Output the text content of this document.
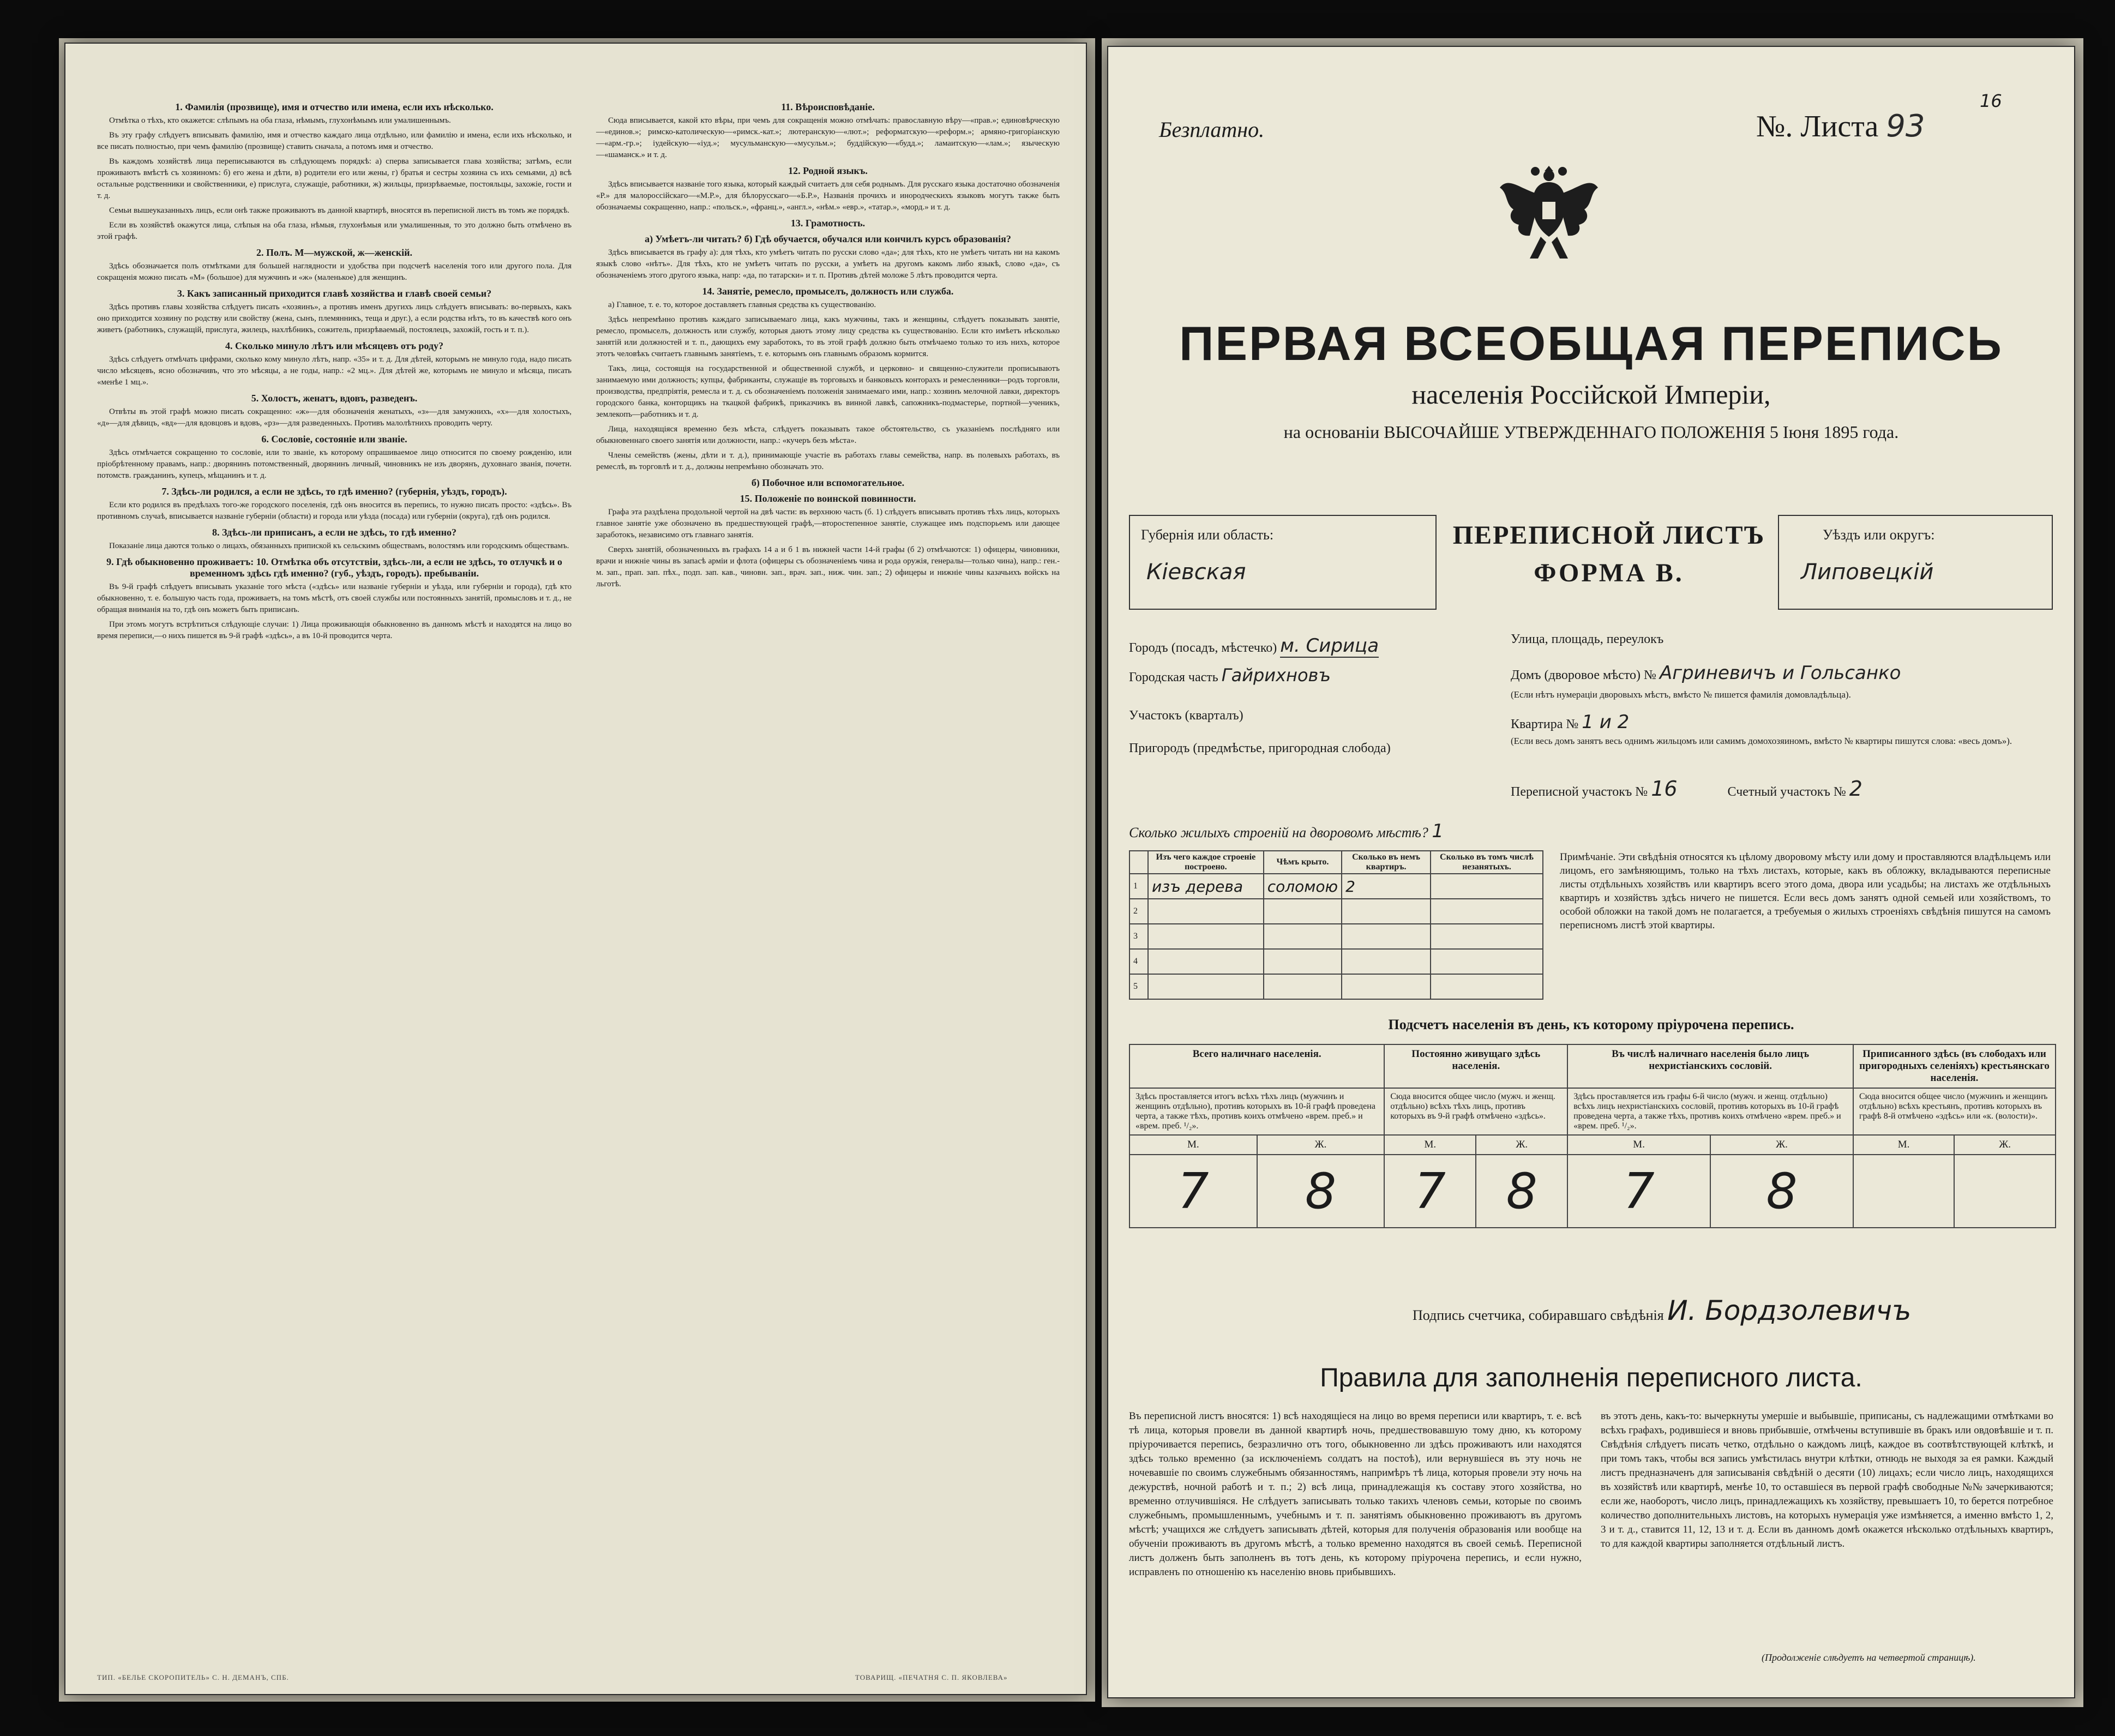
1. Фамилія (прозвище), имя и отчество или имена, если ихъ нѣсколько.

Отмѣтка о тѣхъ, кто окажется: слѣпымъ на оба глаза, нѣмымъ, глухонѣмымъ или умалишеннымъ.

Въ эту графу слѣдуетъ вписывать фамилію, имя и отчество каждаго лица отдѣльно, или фамилію и имена, если ихъ нѣсколько, и все писать полностью, при чемъ фамилію (прозвище) ставить сначала, а потомъ имя и отчество.

Въ каждомъ хозяйствѣ лица переписываются въ слѣдующемъ порядкѣ: а) сперва записывается глава хозяйства; затѣмъ, если проживаютъ вмѣстѣ съ хозяиномъ: б) его жена и дѣти, в) родители его или жены, г) братья и сестры хозяина съ ихъ семьями, д) всѣ остальные родственники и свойственники, е) прислуга, служащіе, работники, ж) жильцы, призрѣваемые, постояльцы, захожіе, гости и т. д.

Семьи вышеуказанныхъ лицъ, если онѣ также проживаютъ въ данной квартирѣ, вносятся въ переписной листъ въ томъ же порядкѣ.

Если въ хозяйствѣ окажутся лица, слѣпыя на оба глаза, нѣмыя, глухонѣмыя или умалишенныя, то это должно быть отмѣчено въ этой графѣ.

2. Полъ. М—мужской, ж—женскій.

Здѣсь обозначается полъ отмѣтками для большей наглядности и удобства при подсчетѣ населенія того или другого пола. Для сокращенія можно писать «М» (большое) для мужчинъ и «ж» (маленькое) для женщинъ.

3. Какъ записанный приходится главѣ хозяйства и главѣ своей семьи?

Здѣсь противъ главы хозяйства слѣдуетъ писать «хозяинъ», а противъ именъ другихъ лицъ слѣдуетъ вписывать: во-первыхъ, какъ оно приходится хозяину по родству или свойству (жена, сынъ, племянникъ, теща и друг.), а если родства нѣтъ, то въ качествѣ кого онъ живетъ (работникъ, служащій, прислуга, жилецъ, нахлѣбникъ, сожитель, призрѣваемый, постоялецъ, захожій, гость и т. п.).

4. Сколько минуло лѣтъ или мѣсяцевъ отъ роду?

Здѣсь слѣдуетъ отмѣчать цифрами, сколько кому минуло лѣтъ, напр. «35» и т. д. Для дѣтей, которымъ не минуло года, надо писать число мѣсяцевъ, ясно обозначивъ, что это мѣсяцы, а не годы, напр.: «2 мц.». Для дѣтей же, которымъ не минуло и мѣсяца, писать «менѣе 1 мц.».

5. Холостъ, женатъ, вдовъ, разведенъ.

Отвѣты въ этой графѣ можно писать сокращенно: «ж»—для обозначенія женатыхъ, «з»—для замужнихъ, «х»—для холостыхъ, «д»—для дѣвицъ, «вд»—для вдовцовъ и вдовъ, «рз»—для разведенныхъ. Противъ малолѣтнихъ проводить черту.

6. Сословіе, состояніе или званіе.

Здѣсь отмѣчается сокращенно то сословіе, или то званіе, къ которому опрашиваемое лицо относится по своему рожденію, или пріобрѣтенному правамъ, напр.: дворянинъ потомственный, дворянинъ личный, чиновникъ не изъ дворянъ, духовнаго званія, почетн. потомств. гражданинъ, купецъ, мѣщанинъ и т. д.

7. Здѣсь-ли родился, а если не здѣсь, то гдѣ именно? (губернія, уѣздъ, городъ).

Если кто родился въ предѣлахъ того-же городского поселенія, гдѣ онъ вносится въ перепись, то нужно писать просто: «здѣсь». Въ противномъ случаѣ, вписывается названіе губерніи (области) и города или уѣзда (посада) или губерніи (округа), гдѣ онъ родился.

8. Здѣсь-ли приписанъ, а если не здѣсь, то гдѣ именно?

Показаніе лица даются только о лицахъ, обязанныхъ припиской къ сельскимъ обществамъ, волостямъ или городскимъ обществамъ.

9. Гдѣ обыкновенно проживаетъ: 10. Отмѣтка объ отсутствіи, здѣсь-ли, а если не здѣсь, то отлучкѣ и о временномъ здѣсь гдѣ именно? (губ., уѣздъ, городъ). пребываніи.

Въ 9-й графѣ слѣдуетъ вписывать указаніе того мѣста («здѣсь» или названіе губерніи и уѣзда, или губерніи и города), гдѣ кто обыкновенно, т. е. большую часть года, проживаетъ, на томъ мѣстѣ, отъ своей службы или постоянныхъ занятій, промысловъ и т. д., не обращая вниманія на то, гдѣ онъ можетъ быть приписанъ.

При этомъ могутъ встрѣтиться слѣдующіе случаи: 1) Лица проживающія обыкновенно въ данномъ мѣстѣ и находятся на лицо во время переписи,—о нихъ пишется въ 9-й графѣ «здѣсь», а въ 10-й проводится черта.

11. Вѣроисповѣданіе.

Сюда вписывается, какой кто вѣры, при чемъ для сокращенія можно отмѣчать: православную вѣру—«прав.»; единовѣрческую—«единов.»; римско-католическую—«римск.-кат.»; лютеранскую—«лют.»; реформатскую—«реформ.»; армяно-григоріанскую—«арм.-гр.»; іудейскую—«іуд.»; мусульманскую—«мусульм.»; буддійскую—«будд.»; ламаитскую—«лам.»; языческую—«шаманск.» и т. д.

12. Родной языкъ.

Здѣсь вписывается названіе того языка, который каждый считаетъ для себя роднымъ. Для русскаго языка достаточно обозначенія «Р.» для малороссійскаго—«М.Р.», для бѣлорусскаго—«Б.Р.», Названія прочихъ и инородческихъ языковъ могутъ также быть обозначаемы сокращенно, напр.: «польск.», «франц.», «англ.», «нѣм.» «евр.», «татар.», «морд.» и т. д.

13. Грамотность.
а) Умѣетъ-ли читать? б) Гдѣ обучается, обучался или кончилъ курсъ образованія?

Здѣсь вписывается въ графу а): для тѣхъ, кто умѣетъ читать по русски слово «да»; для тѣхъ, кто не умѣетъ читать ни на какомъ языкѣ слово «нѣтъ». Для тѣхъ, кто не умѣетъ читать по русски, а умѣетъ на другомъ какомъ либо языкѣ, слово «да», съ обозначеніемъ этого другого языка, напр: «да, по татарски» и т. п. Противъ дѣтей моложе 5 лѣтъ проводится черта.

14. Занятіе, ремесло, промыселъ, должность или служба.

а) Главное, т. е. то, которое доставляетъ главныя средства къ существованію.

Здѣсь непремѣнно противъ каждаго записываемаго лица, какъ мужчины, такъ и женщины, слѣдуетъ показывать занятіе, ремесло, промыселъ, должность или службу, которыя даютъ этому лицу средства къ существованію. Если кто имѣетъ нѣсколько занятій или должностей и т. п., дающихъ ему заработокъ, то въ этой графѣ должно быть отмѣчаемо только то изъ нихъ, которое этотъ человѣкъ считаетъ главнымъ занятіемъ, т. е. которымъ онъ главнымъ образомъ кормится.

Такъ, лица, состоящія на государственной и общественной службѣ, и церковно- и священно-служители прописываютъ занимаемую ими должность; купцы, фабриканты, служащіе въ торговыхъ и банковыхъ конторахъ и ремесленники—родъ торговли, производства, предпріятія, ремесла и т. д. съ обозначеніемъ положенія занимаемаго ими, напр.: хозяинъ мелочной лавки, директоръ городского банка, конторщикъ на ткацкой фабрикѣ, приказчикъ въ винной лавкѣ, сапожникъ-подмастерье, портной—ученикъ, землекопъ—работникъ и т. д.

Лица, находящіяся временно безъ мѣста, слѣдуетъ показывать такое обстоятельство, съ указаніемъ послѣдняго или обыкновеннаго своего занятія или должности, напр.: «кучеръ безъ мѣста».

Члены семействъ (жены, дѣти и т. д.), принимающіе участіе въ работахъ главы семейства, напр. въ полевыхъ работахъ, въ ремеслѣ, въ торговлѣ и т. д., должны непремѣнно обозначать это.

б) Побочное или вспомогательное.
15. Положеніе по воинской повинности.

Графа эта раздѣлена продольной чертой на двѣ части: въ верхнюю часть (б. 1) слѣдуетъ вписывать противъ тѣхъ лицъ, которыхъ главное занятіе уже обозначено въ предшествующей графѣ,—второстепенное занятіе, служащее имъ подспорьемъ или дающее заработокъ, независимо отъ главнаго занятія.

Сверхъ занятій, обозначенныхъ въ графахъ 14 а и б 1 въ нижней части 14-й графы (б 2) отмѣчаются: 1) офицеры, чиновники, врачи и нижніе чины въ запасѣ арміи и флота (офицеры съ обозначеніемъ чина и рода оружія, генералы—только чина), напр.: ген.-м. зап., прап. зап. пѣх., подп. зап. кав., чиновн. зап., врач. зап., ниж. чин. зап.; 2) офицеры и нижніе чины казачьихъ войскъ на льготѣ.

ТИП. «БЕЛЬЕ СКОРОПИТЕЛЬ» С. Н. ДЕМАНЪ, СПБ.	ТОВАРИЩ. «ПЕЧАТНЯ С. П. ЯКОВЛЕВА»
Безплатно.
16
№. Листа 93
ПЕРВАЯ ВСЕОБЩАЯ ПЕРЕПИСЬ
населенія Россійской Имперіи,
на основаніи ВЫСОЧАЙШЕ УТВЕРЖДЕННАГО ПОЛОЖЕНІЯ 5 Іюня 1895 года.
Губернія или область:
Кіевская
ПЕРЕПИСНОЙ ЛИСТЪ
ФОРМА В.
Уѣздъ или округъ:
Липовецкій
Городъ (посадъ, мѣстечко) м. Сирица
Городская часть Гайрихновъ
Участокъ (кварталъ)
Пригородъ (предмѣстье, пригородная слобода)
Улица, площадь, переулокъ
Домъ (дворовое мѣсто) № Агриневичъ и Гольсанко
(Если нѣтъ нумераціи дворовыхъ мѣстъ, вмѣсто № пишется фамилія домовладѣльца).
Квартира № 1 и 2
(Если весь домъ занятъ весь однимъ жильцомъ или самимъ домохозяиномъ, вмѣсто № квартиры пишутся слова: «весь домъ»).
Переписной участокъ № 16	Счетный участокъ № 2
Сколько жилыхъ строеній на дворовомъ мѣстѣ? 1
	Изъ чего каждое строеніе построено.	Чѣмъ крыто.	Сколько въ немъ квартиръ.	Сколько въ томъ числѣ незанятыхъ.
1	изъ дерева	соломою	2	
2				
3				
4				
5				
Примѣчаніе. Эти свѣдѣнія относятся къ цѣлому дворовому мѣсту или дому и проставляются владѣльцемъ или лицомъ, его замѣняющимъ, только на тѣхъ листахъ, которые, какъ въ обложку, вкладываются переписные листы отдѣльныхъ хозяйствъ или квартиръ всего этого дома, двора или усадьбы; на листахъ же отдѣльныхъ квартиръ и хозяйствъ здѣсь ничего не пишется. Если весь домъ занятъ одной семьей или хозяйствомъ, то особой обложки на такой домъ не полагается, а требуемыя о жилыхъ строеніяхъ свѣдѣнія пишутся на самомъ переписномъ листѣ этой квартиры.
Подсчетъ населенія въ день, къ которому пріурочена перепись.
Всего наличнаго населенія.		Постоянно живущаго здѣсь населенія.		Въ числѣ наличнаго населенія было лицъ нехристіанскихъ сословій.		Приписанного здѣсь (въ слободахъ или пригородныхъ селеніяхъ) крестьянскаго населенія.	
Здѣсь проставляется итогъ всѣхъ тѣхъ лицъ (мужчинъ и женщинъ отдѣльно), противъ которыхъ въ 10-й графѣ проведена черта, а также тѣхъ, противъ коихъ отмѣчено «врем. преб.» и «врем. преб. ¹/₂».		Сюда вносится общее число (мужч. и женщ. отдѣльно) всѣхъ тѣхъ лицъ, противъ которыхъ въ 9-й графѣ отмѣчено «здѣсь».		Здѣсь проставляется изъ графы 6-й число (мужч. и женщ. отдѣльно) всѣхъ лицъ нехристіанскихъ сословій, противъ которыхъ въ 10-й графѣ проведена черта, а также тѣхъ, противъ коихъ отмѣчено «врем. преб.» и «врем. преб. ¹/₂».		Сюда вносится общее число (мужчинъ и женщинъ отдѣльно) всѣхъ крестьянъ, противъ которыхъ въ графѣ 8-й отмѣчено «здѣсь» или «к. (волости)».	
М.	Ж.	М.	Ж.	М.	Ж.	М.	Ж.
7	8	7	8	7	8		
Подпись счетчика, собиравшаго свѣдѣнія И. Бордзолевичъ
Правила для заполненія переписного листа.
Въ переписной листъ вносятся: 1) всѣ находящіеся на лицо во время переписи или квартиръ, т. е. всѣ тѣ лица, которыя провели въ данной квартирѣ ночь, предшествовавшую тому дню, къ которому пріурочивается перепись, безразлично отъ того, обыкновенно ли здѣсь проживаютъ или находятся здѣсь только временно (за исключеніемъ солдатъ на постоѣ), или вернувшіеся въ эту ночь не ночевавшіе по своимъ служебнымъ обязанностямъ, напримѣръ тѣ лица, которыя провели эту ночь на дежурствѣ, ночной работѣ и т. п.; 2) всѣ лица, принадлежащія къ составу этого хозяйства, но временно отлучившіяся. Не слѣдуетъ записывать только такихъ членовъ семьи, которые по своимъ служебнымъ, промышленнымъ, учебнымъ и т. п. занятіямъ обыкновенно проживаютъ въ другомъ мѣстѣ; учащихся же слѣдуетъ записывать дѣтей, которыя для полученія образованія или вообще на обученіи проживаютъ въ другомъ мѣстѣ, а только временно находятся въ своей семьѣ. Переписной листъ долженъ быть заполненъ въ тотъ день, къ которому пріурочена перепись, и если нужно, исправленъ по отношенію къ населенію вновь прибывшихъ.
въ этотъ день, какъ-то: вычеркнуты умершіе и выбывшіе, приписаны, съ надлежащими отмѣтками во всѣхъ графахъ, родившіеся и вновь прибывшіе, отмѣчены вступившіе въ бракъ или овдовѣвшіе и т. п. Свѣдѣнія слѣдуетъ писать четко, отдѣльно о каждомъ лицѣ, каждое въ соотвѣтствующей клѣткѣ, и при томъ такъ, чтобы вся запись умѣстилась внутри клѣтки, отнюдь не выходя за ея рамки. Каждый листъ предназначенъ для записыванія свѣдѣній о десяти (10) лицахъ; если число лицъ, находящихся въ хозяйствѣ или квартирѣ, менѣе 10, то оставшіеся въ первой графѣ свободные №№ зачеркиваются; если же, наоборотъ, число лицъ, принадлежащихъ къ хозяйству, превышаетъ 10, то берется потребное количество дополнительныхъ листовъ, на которыхъ нумерація уже измѣняется, а именно вмѣсто 1, 2, 3 и т. д., ставится 11, 12, 13 и т. д. Если въ данномъ домѣ окажется нѣсколько отдѣльныхъ квартиръ, то для каждой квартиры заполняется отдѣльный листъ.
(Продолженіе слѣдуетъ на четвертой страницѣ).
